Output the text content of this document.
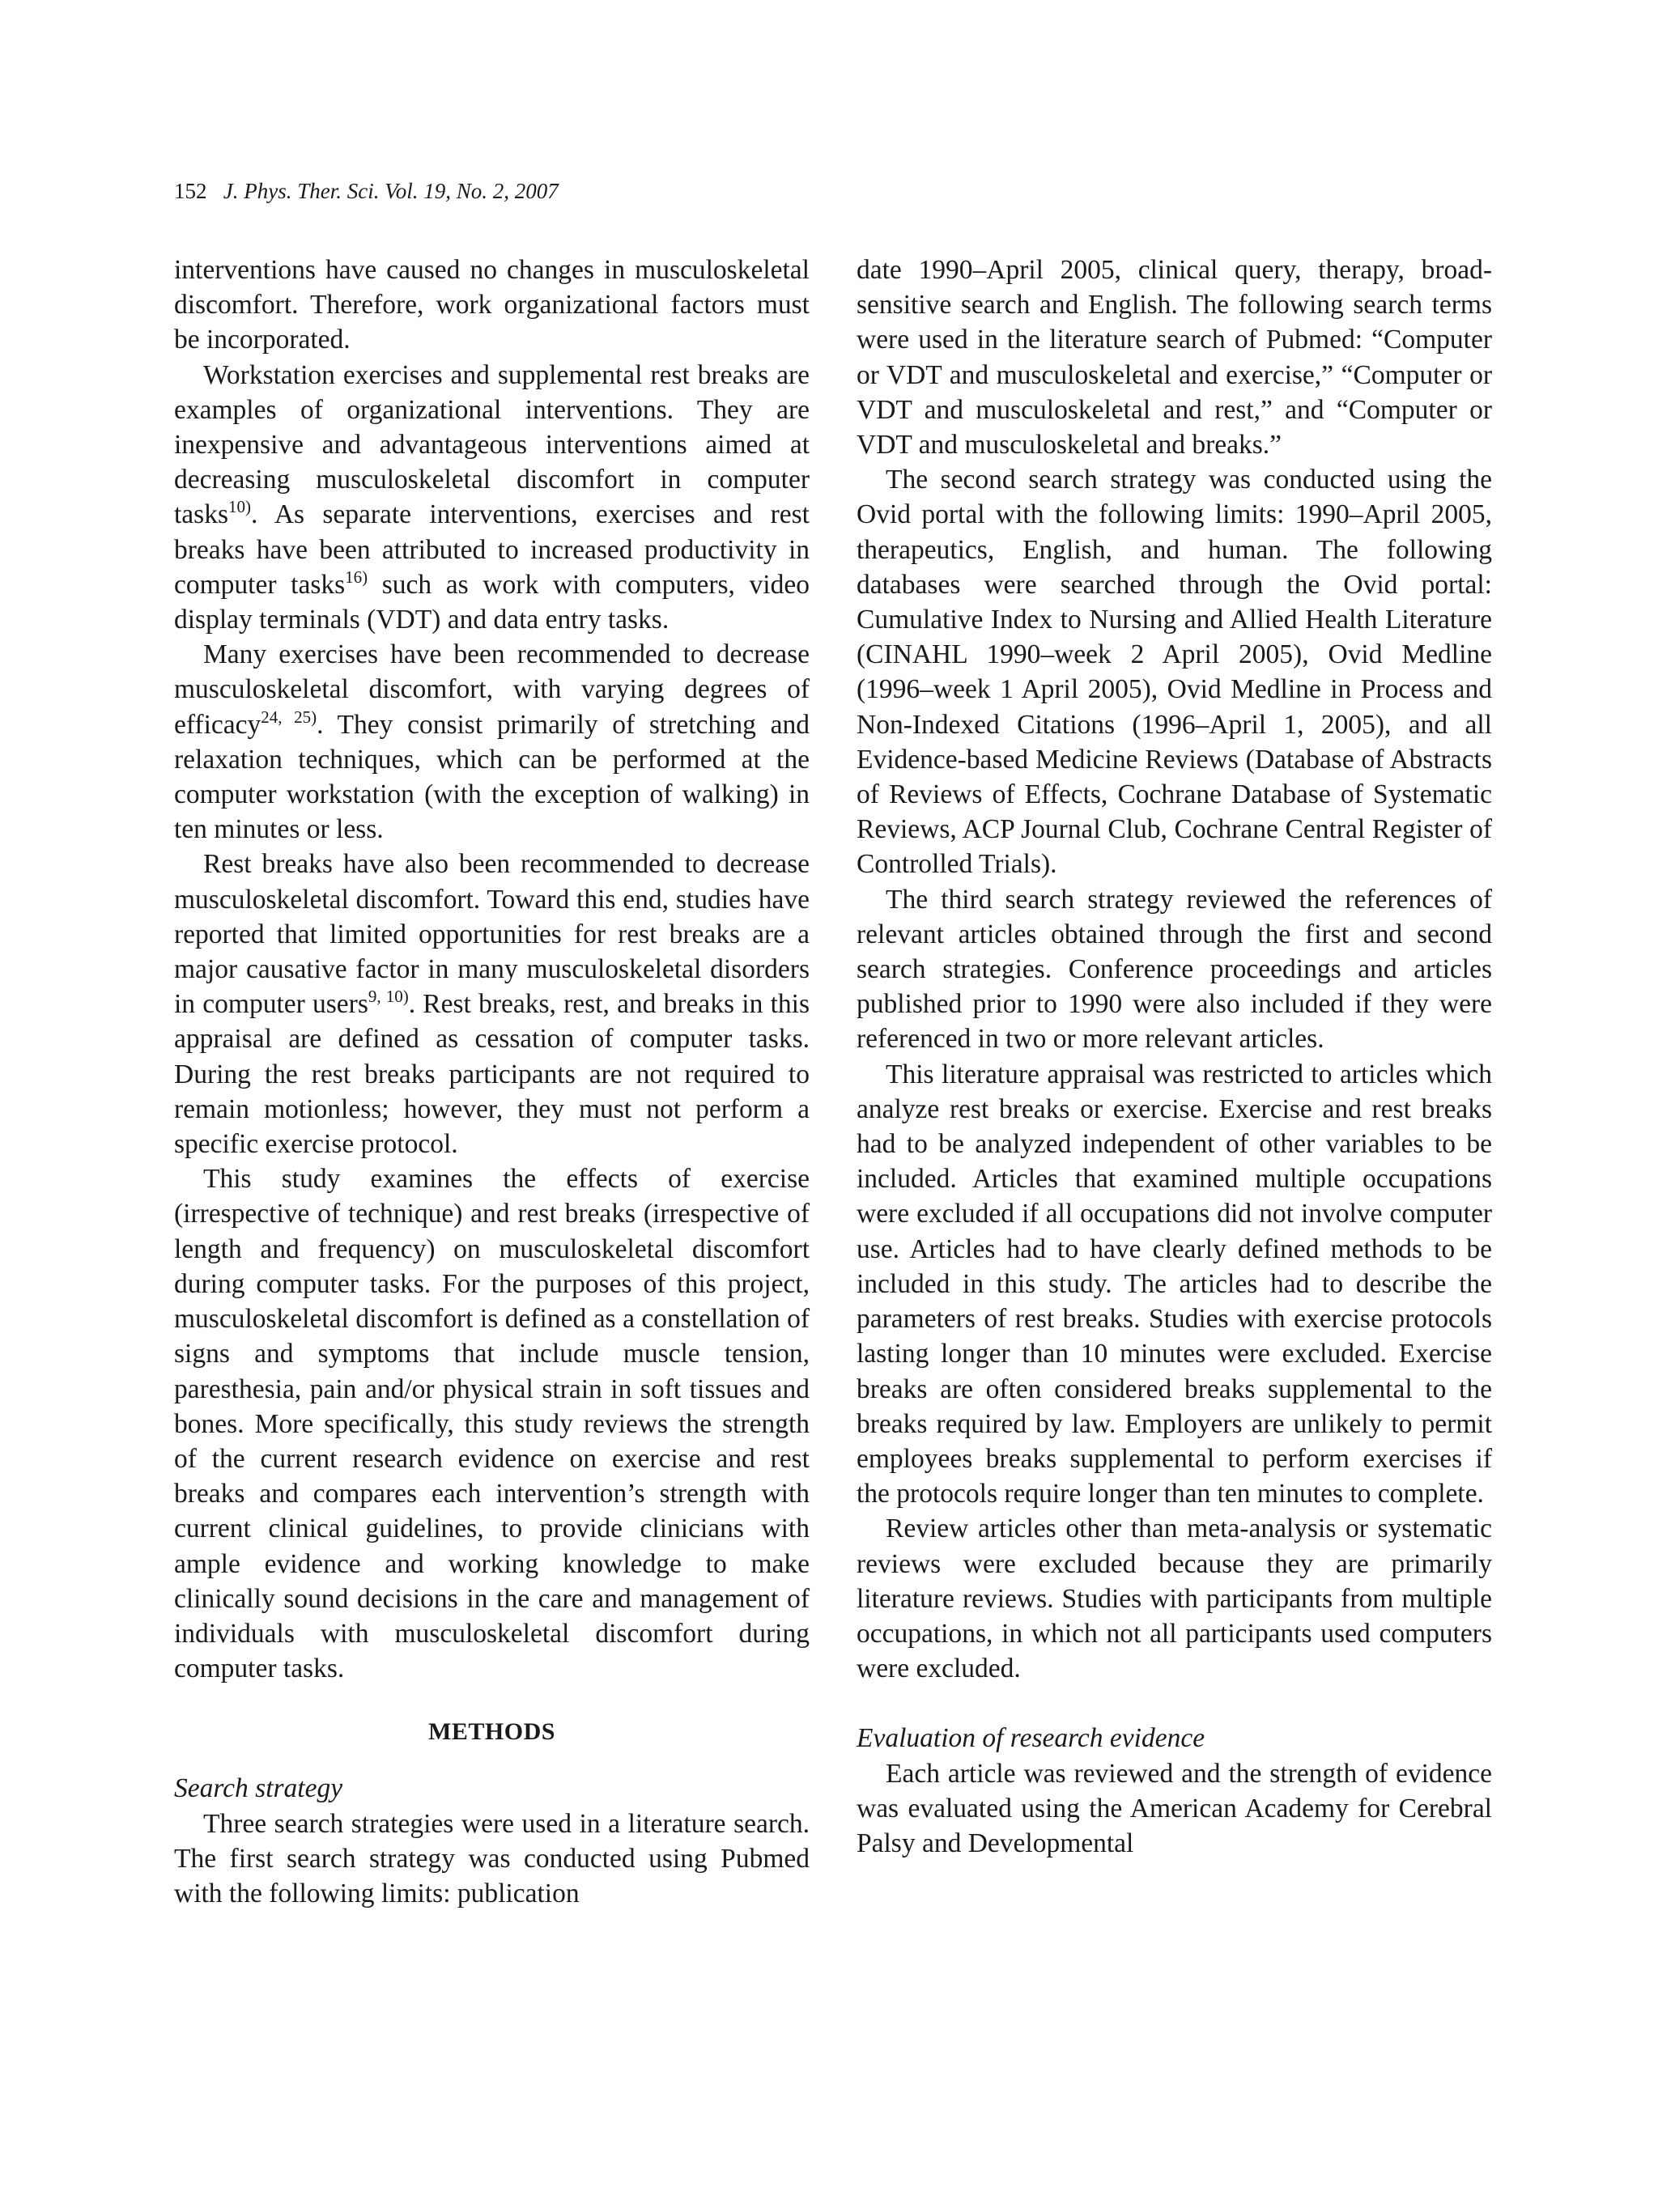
152 J. Phys. Ther. Sci. Vol. 19, No. 2, 2007

interventions have caused no changes in musculoskeletal discomfort. Therefore, work organizational factors must be incorporated.

Workstation exercises and supplemental rest breaks are examples of organizational interventions. They are inexpensive and advantageous interventions aimed at decreasing musculoskeletal discomfort in computer tasks$^{10)}$. As separate interventions, exercises and rest breaks have been attributed to increased productivity in computer tasks$^{16)}$ such as work with computers, video display terminals (VDT) and data entry tasks.

Many exercises have been recommended to decrease musculoskeletal discomfort, with varying degrees of efficacy$^{24, 25)}$. They consist primarily of stretching and relaxation techniques, which can be performed at the computer workstation (with the exception of walking) in ten minutes or less.

Rest breaks have also been recommended to decrease musculoskeletal discomfort. Toward this end, studies have reported that limited opportunities for rest breaks are a major causative factor in many musculoskeletal disorders in computer users$^{9, 10)}$. Rest breaks, rest, and breaks in this appraisal are defined as cessation of computer tasks. During the rest breaks participants are not required to remain motionless; however, they must not perform a specific exercise protocol.

This study examines the effects of exercise (irrespective of technique) and rest breaks (irrespective of length and frequency) on musculoskeletal discomfort during computer tasks. For the purposes of this project, musculoskeletal discomfort is defined as a constellation of signs and symptoms that include muscle tension, paresthesia, pain and/or physical strain in soft tissues and bones. More specifically, this study reviews the strength of the current research evidence on exercise and rest breaks and compares each intervention’s strength with current clinical guidelines, to provide clinicians with ample evidence and working knowledge to make clinically sound decisions in the care and management of individuals with musculoskeletal discomfort during computer tasks.

METHODS

Search strategy

Three search strategies were used in a literature search. The first search strategy was conducted using Pubmed with the following limits: publication

date 1990–April 2005, clinical query, therapy, broad-sensitive search and English. The following search terms were used in the literature search of Pubmed: “Computer or VDT and musculoskeletal and exercise,” “Computer or VDT and musculoskeletal and rest,” and “Computer or VDT and musculoskeletal and breaks.”

The second search strategy was conducted using the Ovid portal with the following limits: 1990–April 2005, therapeutics, English, and human. The following databases were searched through the Ovid portal: Cumulative Index to Nursing and Allied Health Literature (CINAHL 1990–week 2 April 2005), Ovid Medline (1996–week 1 April 2005), Ovid Medline in Process and Non-Indexed Citations (1996–April 1, 2005), and all Evidence-based Medicine Reviews (Database of Abstracts of Reviews of Effects, Cochrane Database of Systematic Reviews, ACP Journal Club, Cochrane Central Register of Controlled Trials).

The third search strategy reviewed the references of relevant articles obtained through the first and second search strategies. Conference proceedings and articles published prior to 1990 were also included if they were referenced in two or more relevant articles.

This literature appraisal was restricted to articles which analyze rest breaks or exercise. Exercise and rest breaks had to be analyzed independent of other variables to be included. Articles that examined multiple occupations were excluded if all occupations did not involve computer use. Articles had to have clearly defined methods to be included in this study. The articles had to describe the parameters of rest breaks. Studies with exercise protocols lasting longer than 10 minutes were excluded. Exercise breaks are often considered breaks supplemental to the breaks required by law. Employers are unlikely to permit employees breaks supplemental to perform exercises if the protocols require longer than ten minutes to complete.

Review articles other than meta-analysis or systematic reviews were excluded because they are primarily literature reviews. Studies with participants from multiple occupations, in which not all participants used computers were excluded.

Evaluation of research evidence

Each article was reviewed and the strength of evidence was evaluated using the American Academy for Cerebral Palsy and Developmental
